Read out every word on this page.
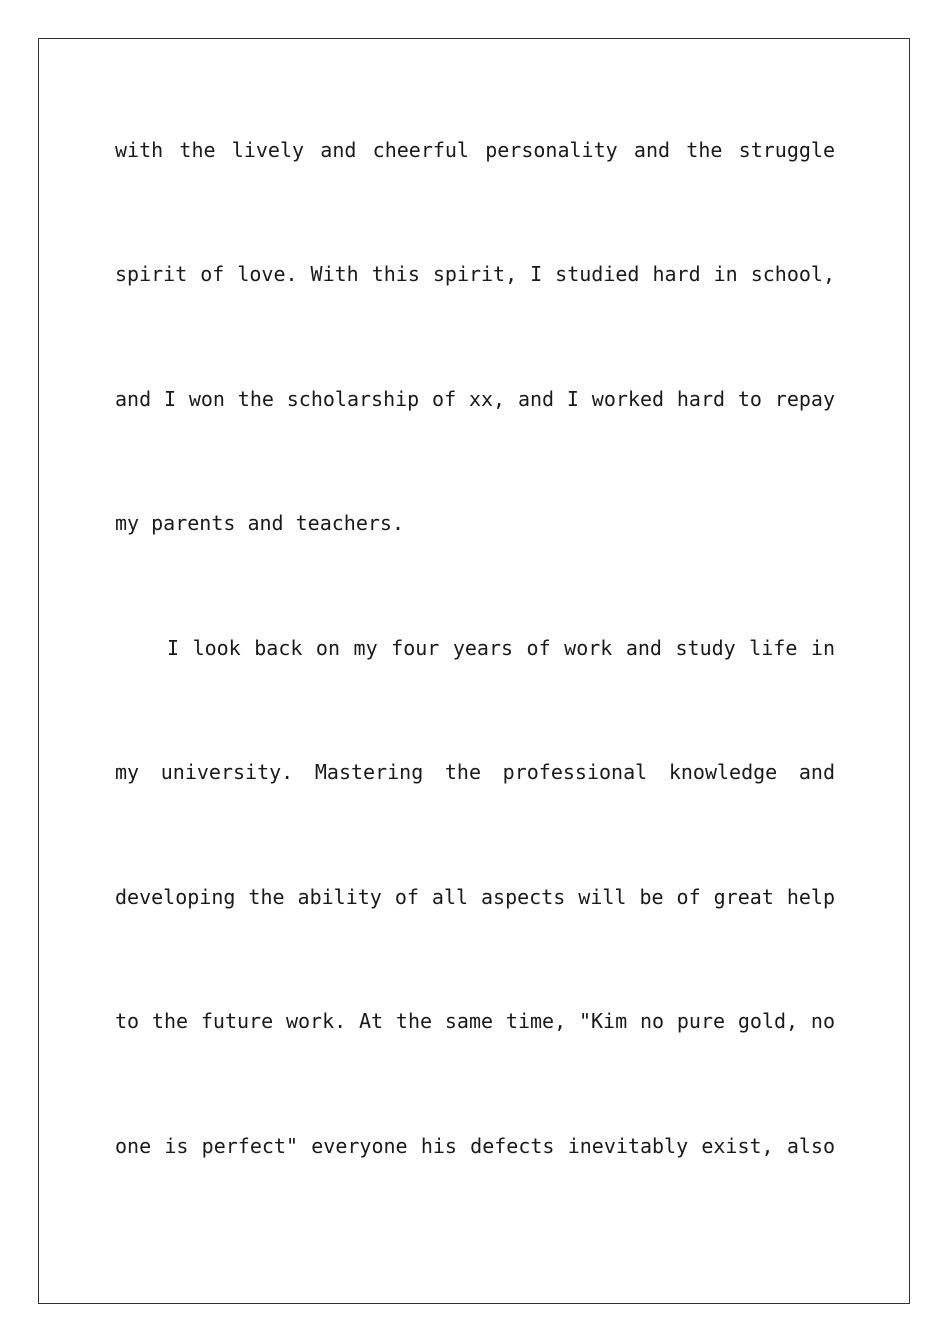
with the lively and cheerful personality and the struggle
spirit of love. With this spirit, I studied hard in school,
and I won the scholarship of xx, and I worked hard to repay
my parents and teachers.
I look back on my four years of work and study life in
my university. Mastering the professional knowledge and
developing the ability of all aspects will be of great help
to the future work. At the same time, "Kim no pure gold, no
one is perfect" everyone his defects inevitably exist, also
